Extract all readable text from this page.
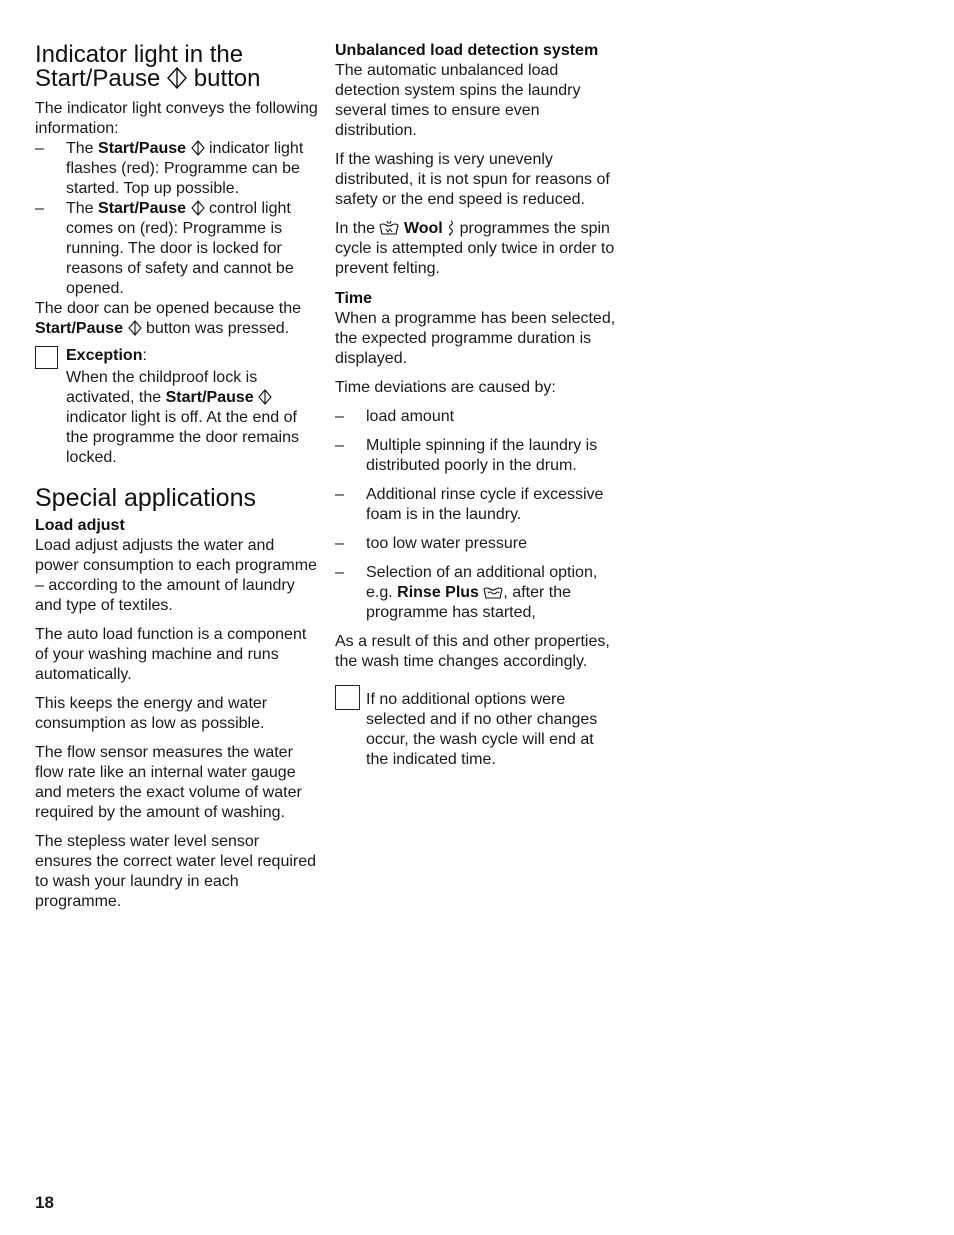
Indicator light in the
Start/Pause button

The indicator light conveys the following information:

– The Start/Pause indicator light flashes (red): Programme can be started. Top up possible.
– The Start/Pause control light comes on (red): Programme is running. The door is locked for reasons of safety and cannot be opened.

The door can be opened because the Start/Pause button was pressed.

Exception:

When the childproof lock is activated, the Start/Pause  indicator light is off. At the end of the programme the door remains locked.

Special applications

Load adjust

Load adjust adjusts the water and power consumption to each programme – according to the amount of laundry and type of textiles.

The auto load function is a component of your washing machine and runs automatically.

This keeps the energy and water consumption as low as possible.

The flow sensor measures the water flow rate like an internal water gauge and meters the exact volume of water required by the amount of washing.

The stepless water level sensor ensures the correct water level required to wash your laundry in each programme.

Unbalanced load detection system

The automatic unbalanced load detection system spins the laundry several times to ensure even distribution.

If the washing is very unevenly distributed, it is not spun for reasons of safety or the end speed is reduced.

In the Wool programmes the spin cycle is attempted only twice in order to prevent felting.

Time

When a programme has been selected, the expected programme duration is displayed.

Time deviations are caused by:

– load amount
– Multiple spinning if the laundry is distributed poorly in the drum.
– Additional rinse cycle if excessive foam is in the laundry.
– too low water pressure
– Selection of an additional option, e.g. Rinse Plus , after the programme has started,

As a result of this and other properties, the wash time changes accordingly.

If no additional options were selected and if no other changes occur, the wash cycle will end at the indicated time.

18
